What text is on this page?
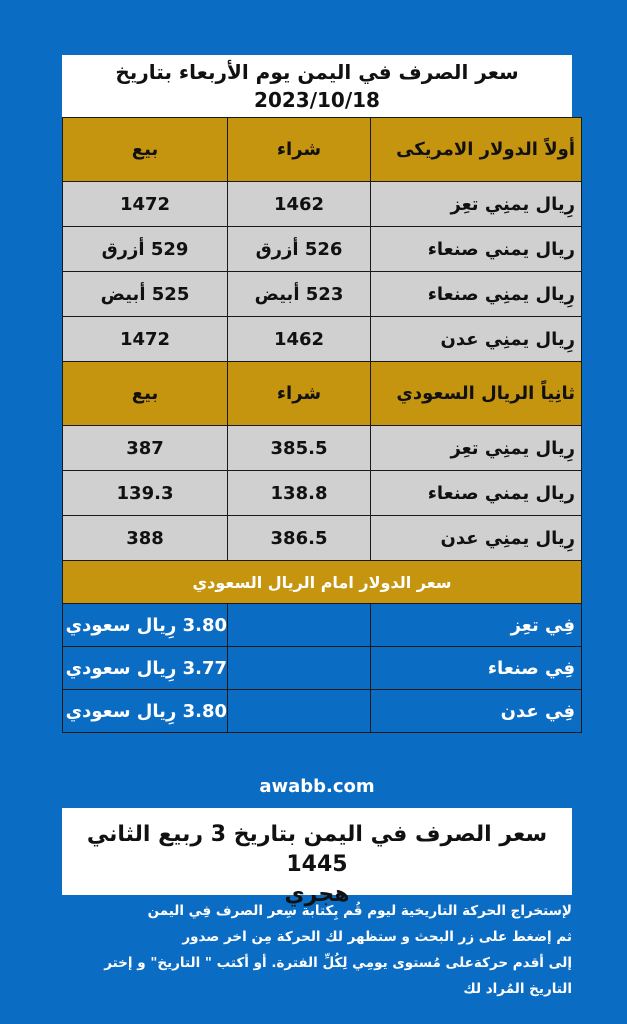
سعر الصرف في اليمن يوم الأربعاء بتاريخ
2023/10/18
أولاً الدولار الامريكى	شراء	بيع
رِيال يمنِي تعِز	1462	1472
ريال يمني صنعاء	526 أزرق	529 أزرق
رِيال يمنِي صنعاء	523 أبيض	525 أبيض
رِيال يمنِي عدن	1462	1472
ثانِياً الريال السعودي	شراء	بيع
رِيال يمنِي تعِز	385.5	387
ريال يمني صنعاء	138.8	139.3
رِيال يمنِي عدن	386.5	388
سعر الدولار امام الريال السعودي		
فِي تعِز		3.80 رِيال سعودي
فِي صنعاء		3.77 رِيال سعودي
فِي عدن		3.80 رِيال سعودي
awabb.com
سعر الصرف في اليمن بتاريخ 3 ربيع الثاني 1445
هجري
لإستخراج الحركة التاريخية ليوم قُم بِكتابة سِعر الصرف فِي اليمن
ثم إضغط على زر البحث و ستظهر لك الحركة مِن اخر صدور
إلى أقدم حركةعلى مُستوى يومِي لِكُلِّ الفترة. أو أكتب " التاريخ" و إختر
التاريخ المُراد لك
